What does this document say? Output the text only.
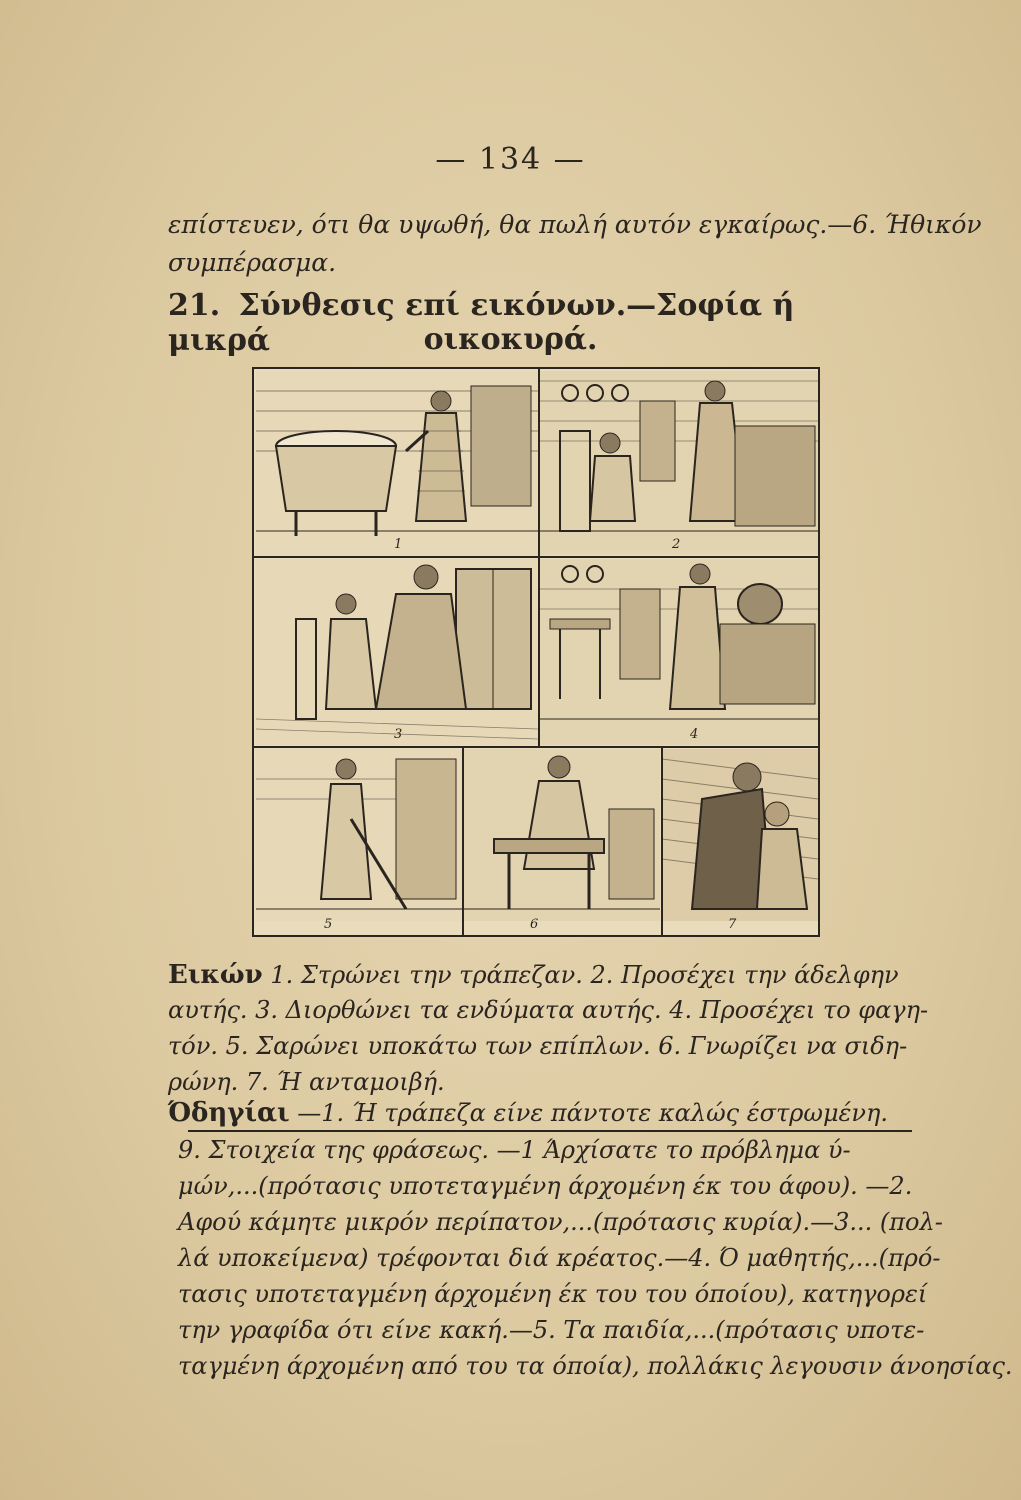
— 134 —
επίστευεν, ότι θα υψωθή, θα πωλή αυτόν εγκαίρως.—6. Ήθικόν
συμπέρασμα.
21. Σύνθεσις επί εικόνων.—Σοφία ή μικρά	οικοκυρά.
1	2
3	4
5	6	7
Εικών 1. Στρώνει την τράπεζαν. 2. Προσέχει την άδελφην
αυτής. 3. Διορθώνει τα ενδύματα αυτής. 4. Προσέχει το φαγη-
τόν. 5. Σαρώνει υποκάτω των επίπλων. 6. Γνωρίζει να σιδη-
ρώνη. 7. Ή ανταμοιβή.
Όδηγίαι —1. Ή τράπεζα είνε πάντοτε καλώς έστρωμένη.
9. Στοιχεία της φράσεως. —1 Άρχίσατε το πρόβλημα ύ-
μών,...(πρότασις υποτεταγμένη άρχομένη έκ του άφου). —2.
Αφού κάμητε μικρόν περίπατον,...(πρότασις κυρία).—3... (πολ-
λά υποκείμενα) τρέφονται διά κρέατος.—4. Ό μαθητής,...(πρό-
τασις υποτεταγμένη άρχομένη έκ του του όποίου), κατηγορεί
την γραφίδα ότι είνε κακή.—5. Τα παιδία,...(πρότασις υποτε-
ταγμένη άρχομένη από του τα όποία), πολλάκις λεγουσιν άνοησίας.
